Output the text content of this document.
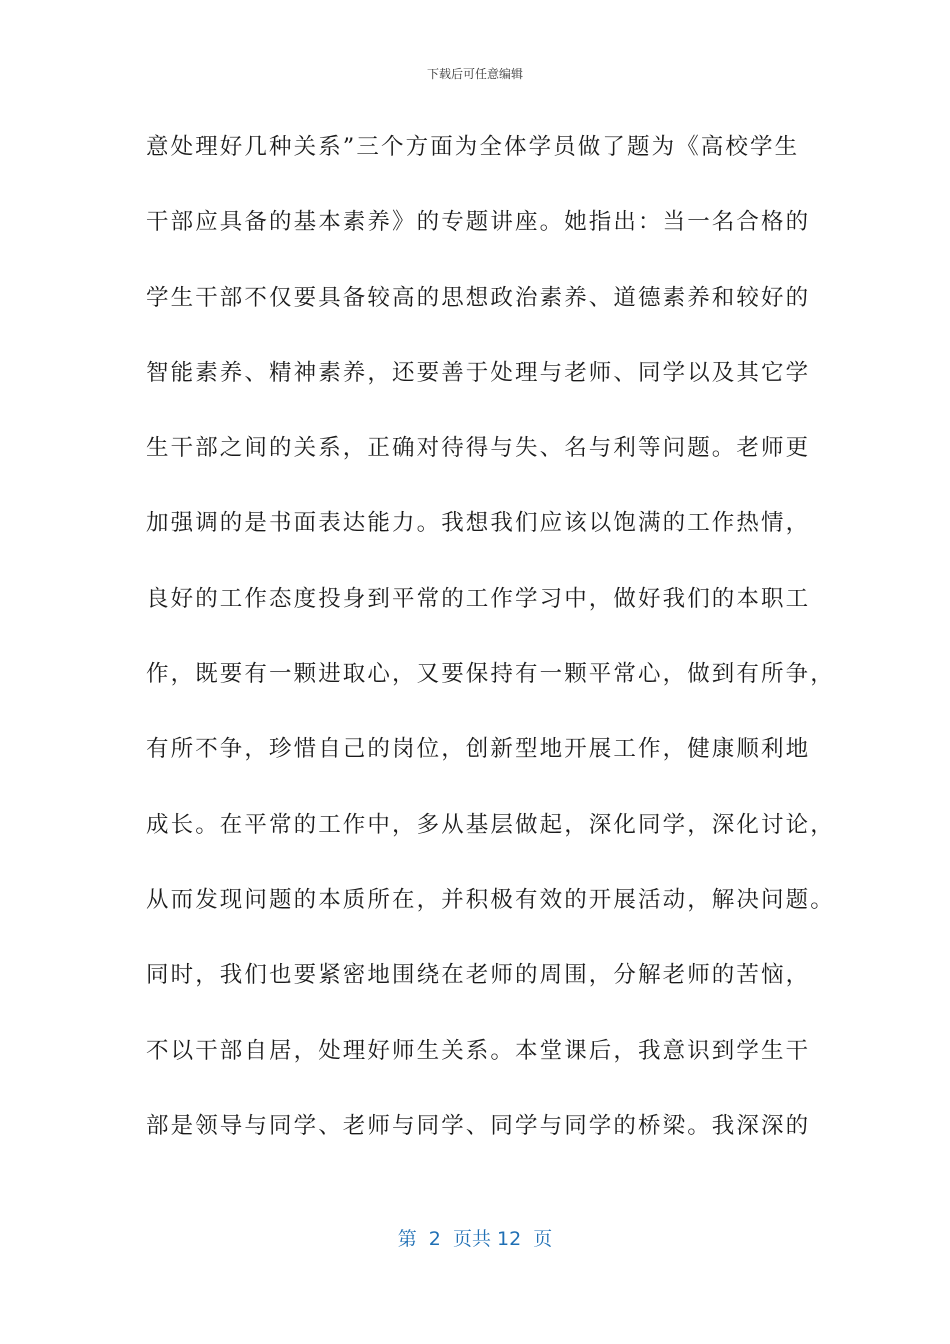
下载后可任意编辑
意处理好几种关系”三个方面为全体学员做了题为《高校学生
干部应具备的基本素养》的专题讲座。她指出：当一名合格的
学生干部不仅要具备较高的思想政治素养、道德素养和较好的
智能素养、精神素养，还要善于处理与老师、同学以及其它学
生干部之间的关系，正确对待得与失、名与利等问题。老师更
加强调的是书面表达能力。我想我们应该以饱满的工作热情，
良好的工作态度投身到平常的工作学习中，做好我们的本职工
作，既要有一颗进取心，又要保持有一颗平常心，做到有所争，
有所不争，珍惜自己的岗位，创新型地开展工作，健康顺利地
成长。在平常的工作中，多从基层做起，深化同学，深化讨论，
从而发现问题的本质所在，并积极有效的开展活动，解决问题。
同时，我们也要紧密地围绕在老师的周围，分解老师的苦恼，
不以干部自居，处理好师生关系。本堂课后，我意识到学生干
部是领导与同学、老师与同学、同学与同学的桥梁。我深深的
第  2  页共 12  页
